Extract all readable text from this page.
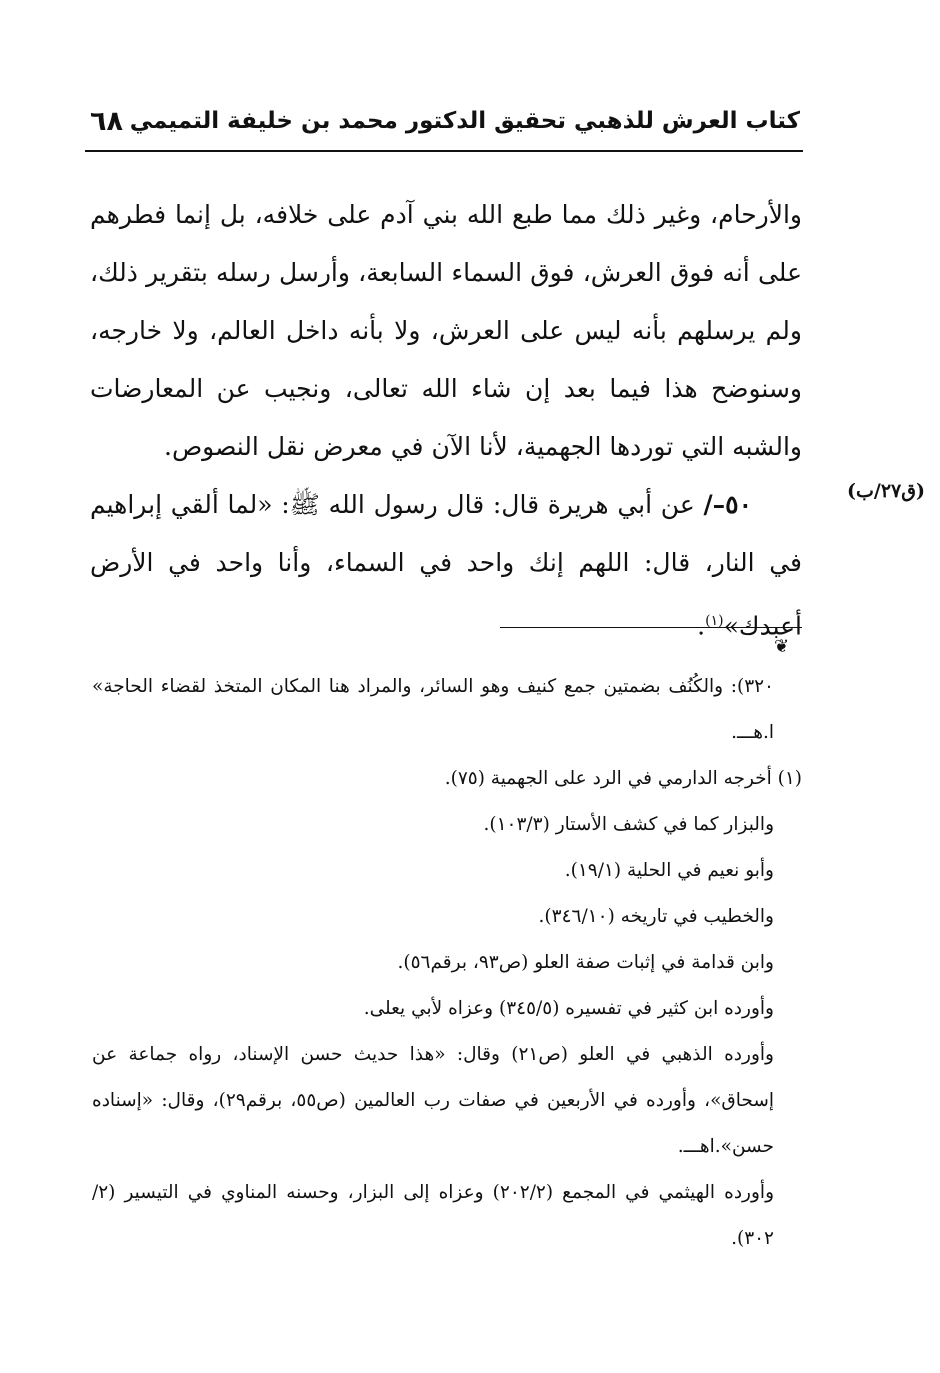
كتاب العرش للذهبي تحقيق الدكتور محمد بن خليفة التميمي
٦٨
(ق٢٧/ب)

والأرحام، وغير ذلك مما طبع الله بني آدم على خلافه، بل إنما فطرهم على أنه فوق العرش، فوق السماء السابعة، وأرسل رسله بتقرير ذلك، ولم يرسلهم بأنه ليس على العرش، ولا بأنه داخل العالم، ولا خارجه، وسنوضح هذا فيما بعد إن شاء الله تعالى، ونجيب عن المعارضات والشبه التي توردها الجهمية، لأنا الآن في معرض نقل النصوص.

  ٥٠–/ عن أبي هريرة قال: قال رسول الله ﷺ: «لما ألقي إبراهيم في النار، قال: اللهم إنك واحد في السماء، وأنا واحد في الأرض أعبدك»$^{(١)}$.

❦

٣٢٠): والكُنُف بضمتين جمع كنيف وهو السائر، والمراد هنا المكان المتخذ لقضاء الحاجة» ا.هـــ.

(١) أخرجه الدارمي في الرد على الجهمية (٧٥).

والبزار كما في كشف الأستار (١٠٣/٣).

وأبو نعيم في الحلية (١٩/١).

والخطيب في تاريخه (٣٤٦/١٠).

وابن قدامة في إثبات صفة العلو (ص٩٣، برقم٥٦).

وأورده ابن كثير في تفسيره (٣٤٥/٥) وعزاه لأبي يعلى.

وأورده الذهبي في العلو (ص٢١) وقال: «هذا حديث حسن الإسناد، رواه جماعة عن إسحاق»، وأورده في الأربعين في صفات رب العالمين (ص٥٥، برقم٢٩)، وقال: «إسناده حسن».اهـــ.

وأورده الهيثمي في المجمع (٢٠٢/٢) وعزاه إلى البزار، وحسنه المناوي في التيسير (٢/ ٣٠٢).
